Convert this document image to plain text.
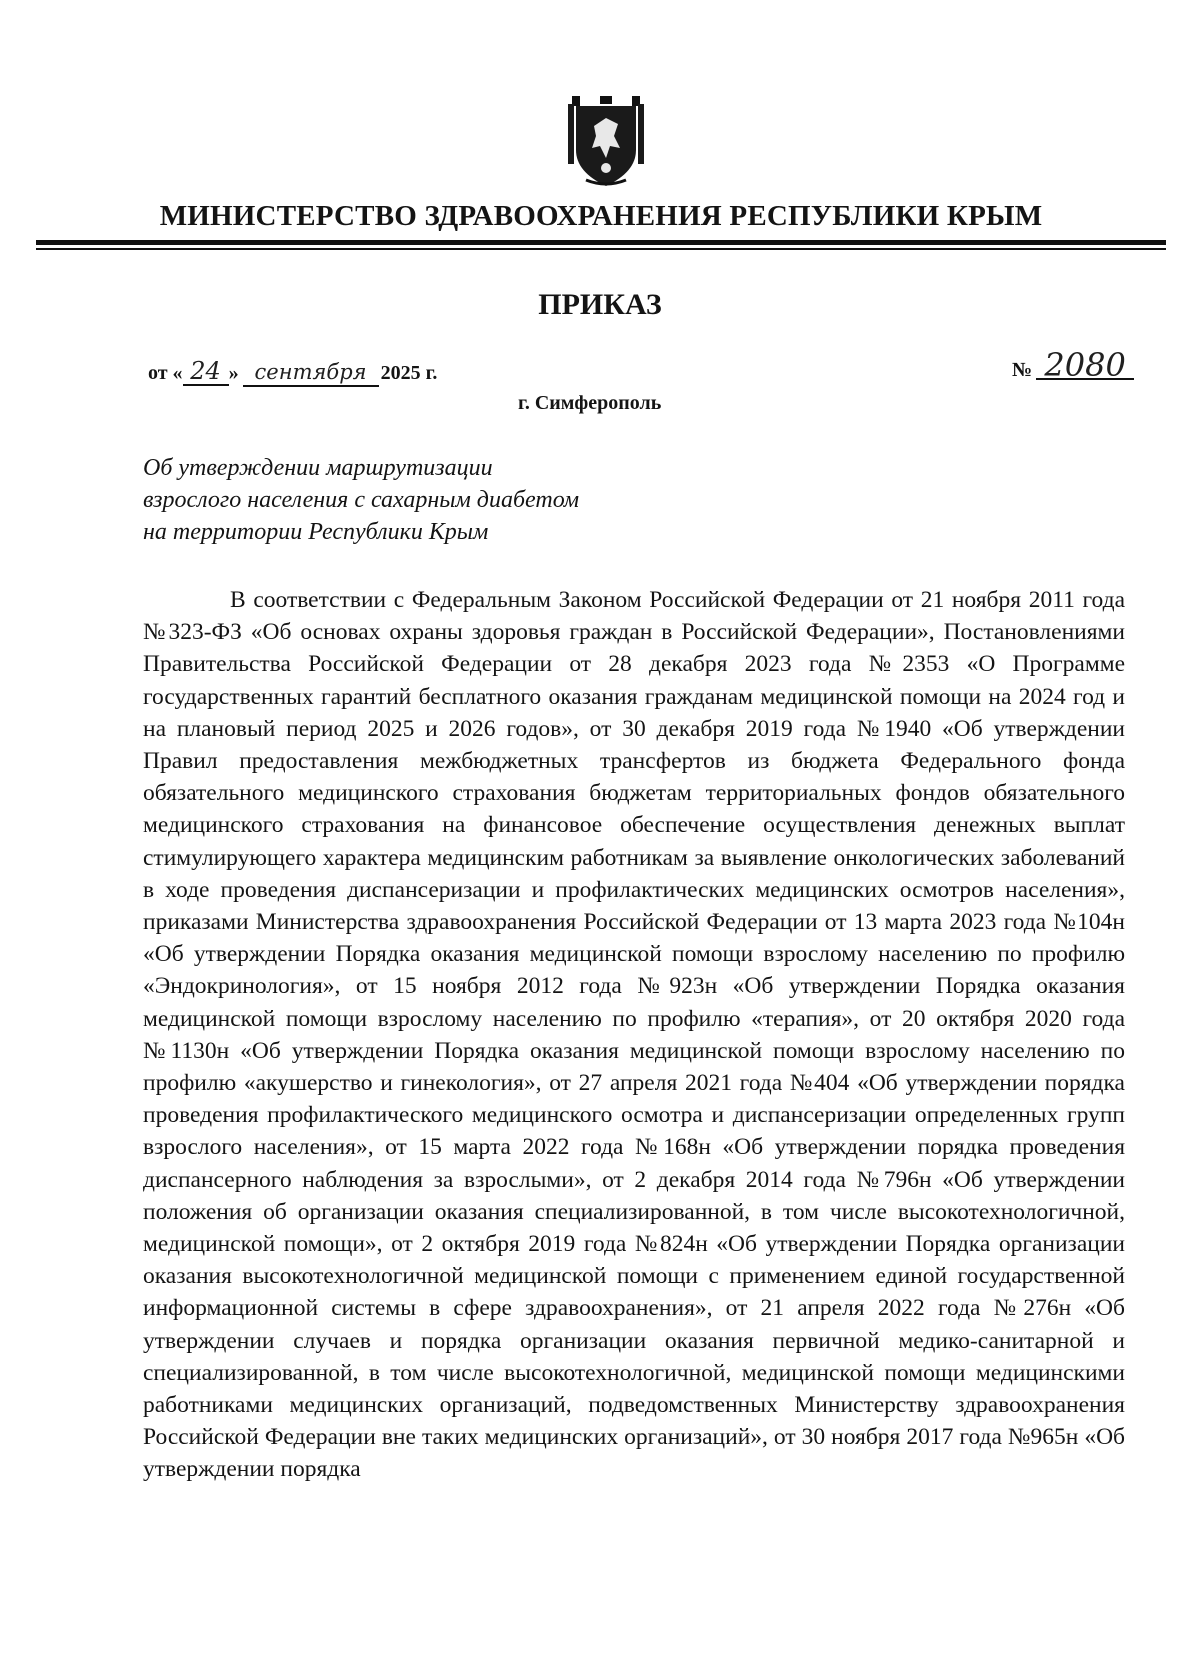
МИНИСТЕРСТВО ЗДРАВООХРАНЕНИЯ РЕСПУБЛИКИ КРЫМ
ПРИКАЗ
от « 24 » сентября 2025 г.	№ 2080
г. Симферополь
Об утверждении маршрутизации
взрослого населения с сахарным диабетом
на территории Республики Крым
В соответствии с Федеральным Законом Российской Федерации от 21 ноября 2011 года №323-ФЗ «Об основах охраны здоровья граждан в Российской Федерации», Постановлениями Правительства Российской Федерации от 28 декабря 2023 года №2353 «О Программе государственных гарантий бесплатного оказания гражданам медицинской помощи на 2024 год и на плановый период 2025 и 2026 годов», от 30 декабря 2019 года №1940 «Об утверждении Правил предоставления межбюджетных трансфертов из бюджета Федерального фонда обязательного медицинского страхования бюджетам территориальных фондов обязательного медицинского страхования на финансовое обеспечение осуществления денежных выплат стимулирующего характера медицинским работникам за выявление онкологических заболеваний в ходе проведения диспансеризации и профилактических медицинских осмотров населения», приказами Министерства здравоохранения Российской Федерации от 13 марта 2023 года №104н «Об утверждении Порядка оказания медицинской помощи взрослому населению по профилю «Эндокринология», от 15 ноября 2012 года №923н «Об утверждении Порядка оказания медицинской помощи взрослому населению по профилю «терапия», от 20 октября 2020 года №1130н «Об утверждении Порядка оказания медицинской помощи взрослому населению по профилю «акушерство и гинекология», от 27 апреля 2021 года №404 «Об утверждении порядка проведения профилактического медицинского осмотра и диспансеризации определенных групп взрослого населения», от 15 марта 2022 года №168н «Об утверждении порядка проведения диспансерного наблюдения за взрослыми», от 2 декабря 2014 года №796н «Об утверждении положения об организации оказания специализированной, в том числе высокотехнологичной, медицинской помощи», от 2 октября 2019 года №824н «Об утверждении Порядка организации оказания высокотехнологичной медицинской помощи с применением единой государственной информационной системы в сфере здравоохранения», от 21 апреля 2022 года №276н «Об утверждении случаев и порядка организации оказания первичной медико-санитарной и специализированной, в том числе высокотехнологичной, медицинской помощи медицинскими работниками медицинских организаций, подведомственных Министерству здравоохранения Российской Федерации вне таких медицинских организаций», от 30 ноября 2017 года №965н «Об утверждении порядка
